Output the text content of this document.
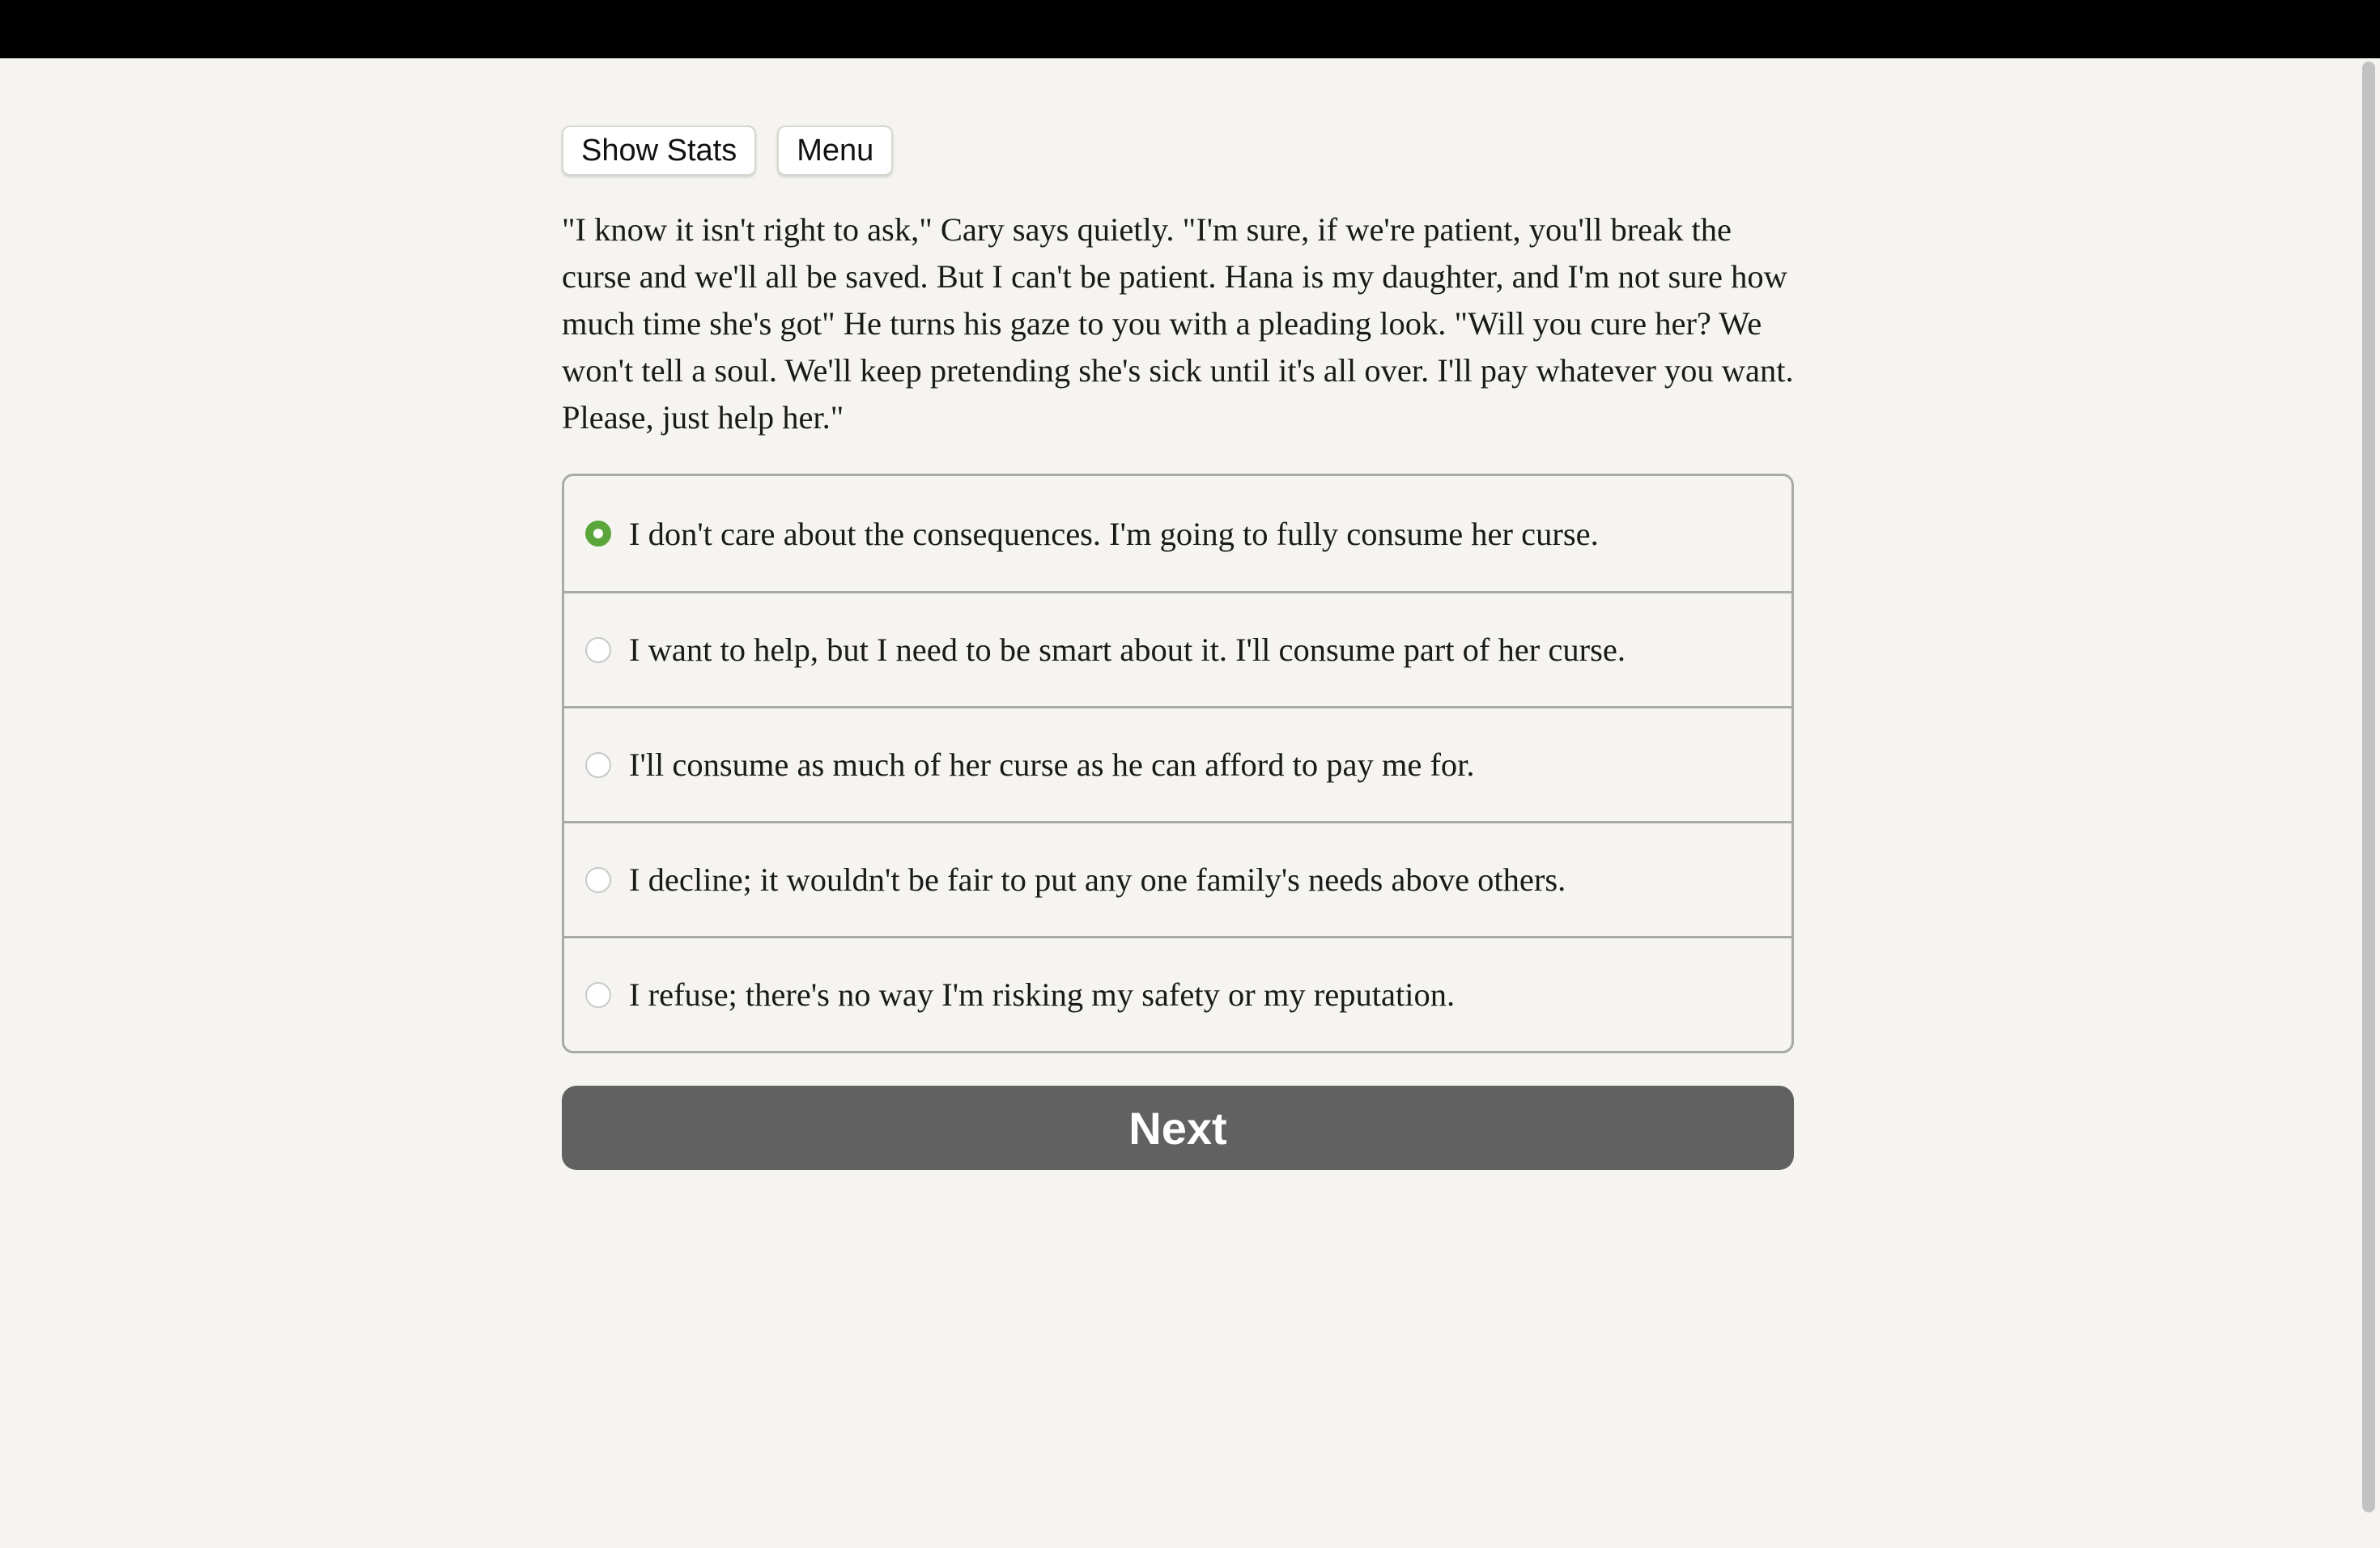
Show Stats	Menu
"I know it isn't right to ask," Cary says quietly. "I'm sure, if we're patient, you'll break the curse and we'll all be saved. But I can't be patient. Hana is my daughter, and I'm not sure how much time she's got" He turns his gaze to you with a pleading look. "Will you cure her? We won't tell a soul. We'll keep pretending she's sick until it's all over. I'll pay whatever you want. Please, just help her."
I don't care about the consequences. I'm going to fully consume her curse.
I want to help, but I need to be smart about it. I'll consume part of her curse.
I'll consume as much of her curse as he can afford to pay me for.
I decline; it wouldn't be fair to put any one family's needs above others.
I refuse; there's no way I'm risking my safety or my reputation.
Next
